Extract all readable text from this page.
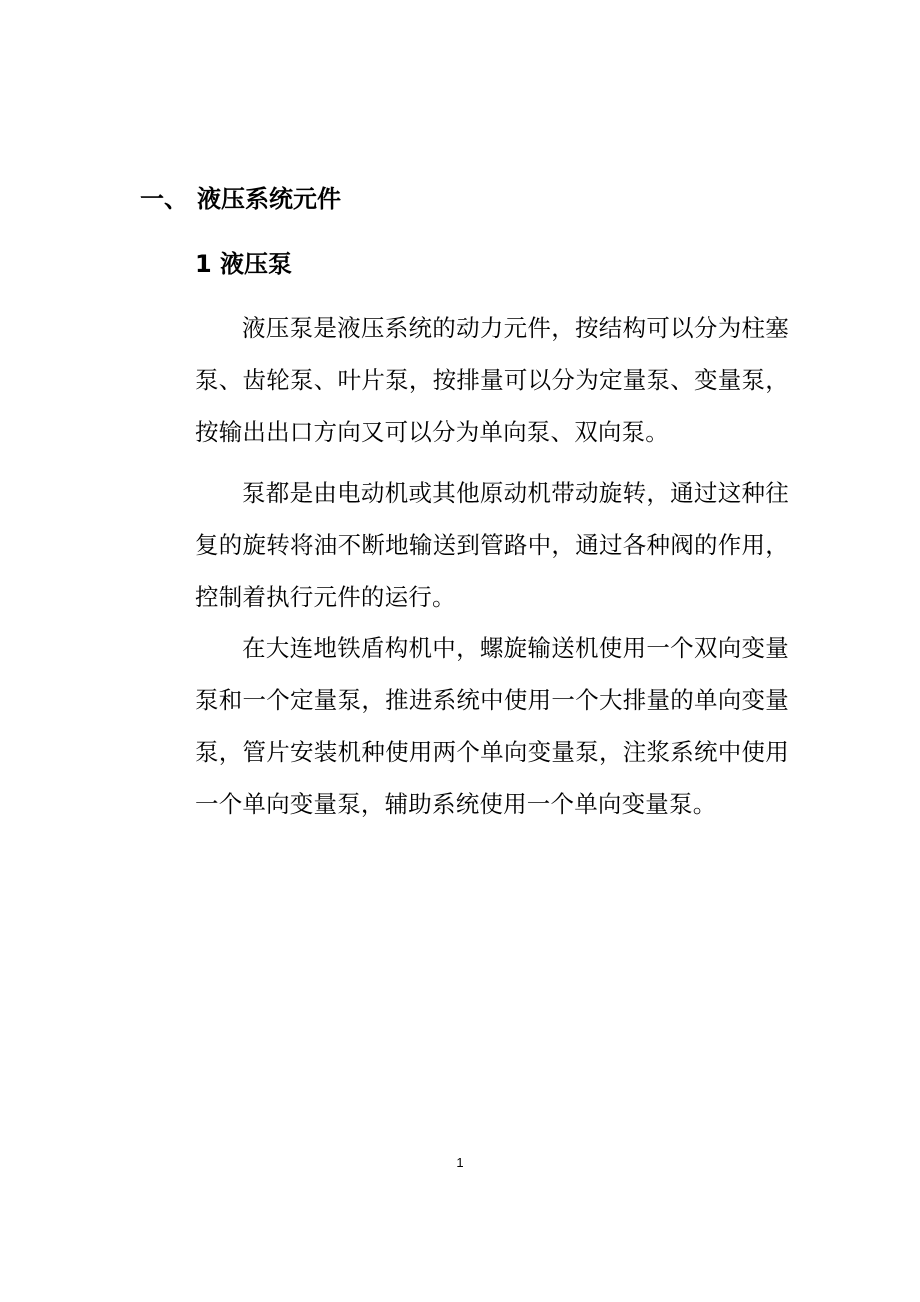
一、 液压系统元件
1 液压泵

液压泵是液压系统的动力元件，按结构可以分为柱塞泵、齿轮泵、叶片泵，按排量可以分为定量泵、变量泵，按输出出口方向又可以分为单向泵、双向泵。

泵都是由电动机或其他原动机带动旋转，通过这种往复的旋转将油不断地输送到管路中，通过各种阀的作用，控制着执行元件的运行。

在大连地铁盾构机中，螺旋输送机使用一个双向变量泵和一个定量泵，推进系统中使用一个大排量的单向变量泵，管片安装机种使用两个单向变量泵，注浆系统中使用一个单向变量泵，辅助系统使用一个单向变量泵。

1
